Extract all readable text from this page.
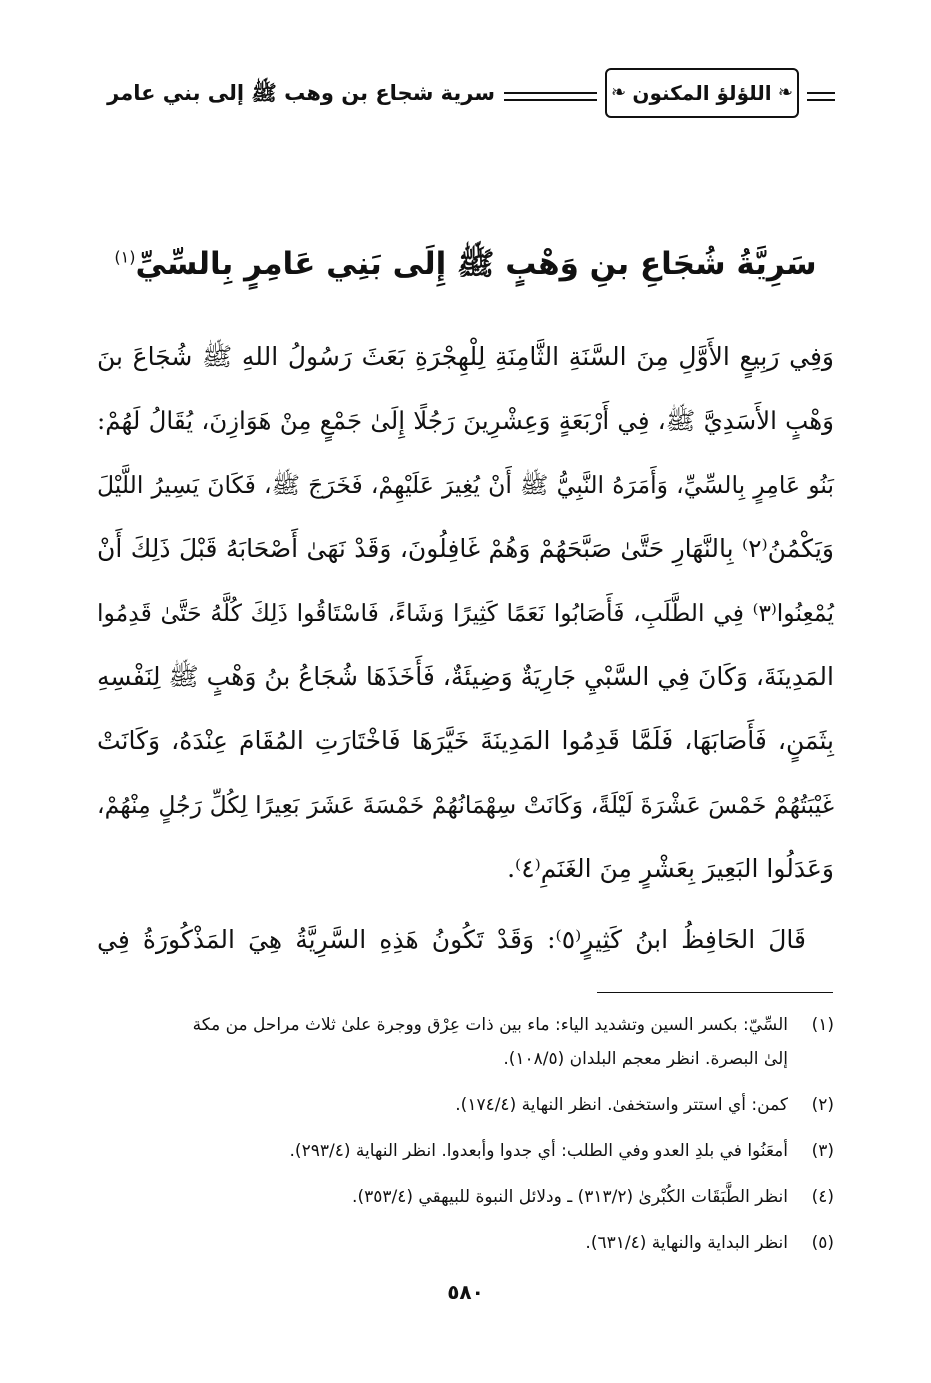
❧
اللؤلؤ المكنون
❧
سرية شجاع بن وهب ﷺ إلى بني عامر
سَرِيَّةُ شُجَاعِ بنِ وَهْبٍ ﷺ إِلَى بَنِي عَامِرٍ بِالسِّيِّ$^{(١)}$
وَفِي رَبِيعٍ الأَوَّلِ مِنَ السَّنَةِ الثَّامِنَةِ لِلْهِجْرَةِ بَعَثَ رَسُولُ اللهِ ﷺ شُجَاعَ بنَ
وَهْبٍ الأَسَدِيَّ ﷺ، فِي أَرْبَعَةٍ وَعِشْرِينَ رَجُلًا إِلَىٰ جَمْعٍ مِنْ هَوَازِنَ، يُقَالُ لَهُمْ:
بَنُو عَامِرٍ بِالسِّيِّ، وَأَمَرَهُ النَّبِيُّ ﷺ أَنْ يُغِيرَ عَلَيْهِمْ، فَخَرَجَ ﷺ، فَكَانَ يَسِيرُ اللَّيْلَ
وَيَكْمُنُ⁽٢⁾ بِالنَّهَارِ حَتَّىٰ صَبَّحَهُمْ وَهُمْ غَافِلُونَ، وَقَدْ نَهَىٰ أَصْحَابَهُ قَبْلَ ذَلِكَ أَنْ
يُمْعِنُوا⁽٣⁾ فِي الطَّلَبِ، فَأَصَابُوا نَعَمًا كَثِيرًا وَشَاءً، فَاسْتَاقُوا ذَلِكَ كُلَّهُ حَتَّىٰ قَدِمُوا
المَدِينَةَ، وَكَانَ فِي السَّبْيِ جَارِيَةٌ وَضِيئَةٌ، فَأَخَذَهَا شُجَاعُ بنُ وَهْبٍ ﷺ لِنَفْسِهِ
بِثَمَنٍ، فَأَصَابَهَا، فَلَمَّا قَدِمُوا المَدِينَةَ خَيَّرَهَا فَاخْتَارَتِ المُقَامَ عِنْدَهُ، وَكَانَتْ
غَيْبَتُهُمْ خَمْسَ عَشْرَةَ لَيْلَةً، وَكَانَتْ سِهْمَانُهُمْ خَمْسَةَ عَشَرَ بَعِيرًا لِكُلِّ رَجُلٍ مِنْهُمْ،
وَعَدَلُوا البَعِيرَ بِعَشْرٍ مِنَ الغَنَمِ⁽٤⁾.
قَالَ الحَافِظُ ابنُ كَثِيرٍ⁽٥⁾: وَقَدْ تَكُونُ هَذِهِ السَّرِيَّةُ هِيَ المَذْكُورَةُ فِي
(١)
السِّيّ: بكسر السين وتشديد الياء: ماء بين ذات عِرْق ووجرة علىٰ ثلاث مراحل من مكة
إلىٰ البصرة. انظر معجم البلدان (١٠٨/٥).
(٢)
كمن: أي استتر واستخفىٰ. انظر النهاية (١٧٤/٤).
(٣)
أمعَنُوا في بلدِ العدو وفي الطلب: أي جدوا وأبعدوا. انظر النهاية (٢٩٣/٤).
(٤)
انظر الطَّبَقَات الكُبْرىٰ (٣١٣/٢) ـ ودلائل النبوة للبيهقي (٣٥٣/٤).
(٥)
انظر البداية والنهاية (٦٣١/٤).
٥٨٠
